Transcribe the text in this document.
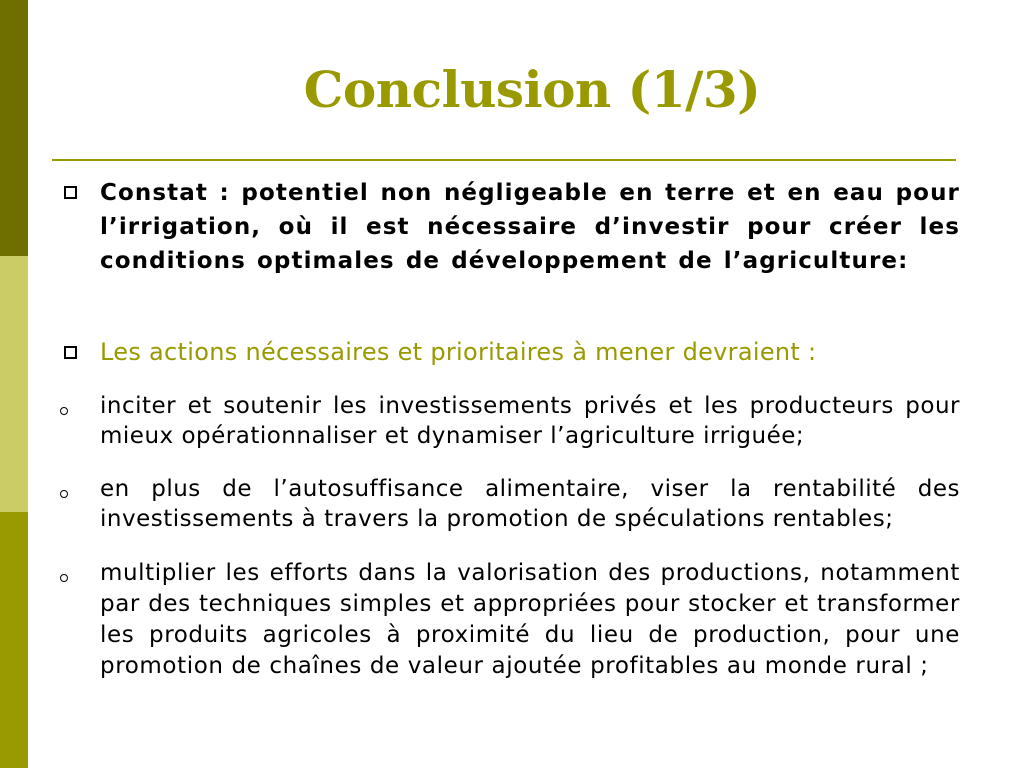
Conclusion (1/3)
Constat : potentiel non négligeable en terre et en eau pour l’irrigation, où il est nécessaire d’investir pour créer les conditions optimales de développement de l’agriculture:
Les actions nécessaires et prioritaires à mener devraient :
inciter et soutenir les investissements privés et les producteurs pour mieux opérationnaliser et dynamiser l’agriculture irriguée;
en plus de l’autosuffisance alimentaire, viser la rentabilité des investissements à travers la promotion de spéculations rentables;
multiplier les efforts dans la valorisation des productions, notamment par des techniques simples et appropriées pour stocker et transformer les produits agricoles à proximité du lieu de production, pour une promotion de chaînes de valeur ajoutée profitables au monde rural ;
